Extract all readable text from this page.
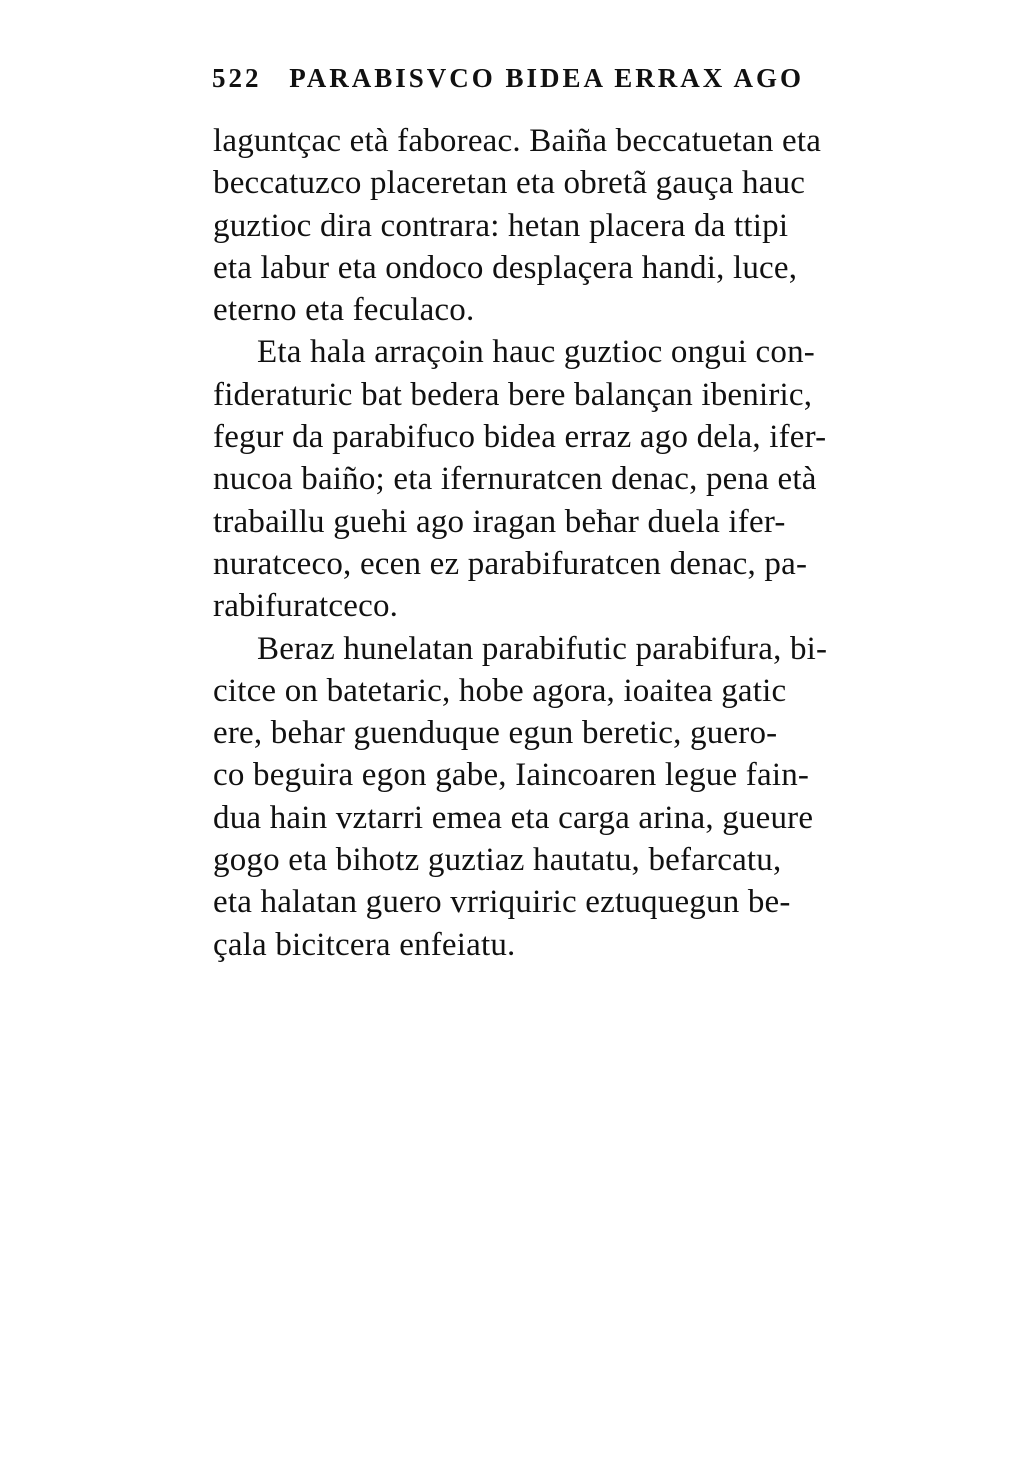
522 PARABISVCO BIDEA ERRAX AGO
laguntçac età faboreac. Baiña beccatuetan eta
beccatuzco placeretan eta obretã gauça hauc
guztioc dira contrara: hetan placera da ttipi
eta labur eta ondoco desplaçera handi, luce,
eterno eta feculaco.
Eta hala arraçoin hauc guztioc ongui con-
fideraturic bat bedera bere balançan ibeniric,
fegur da parabifuco bidea erraz ago dela, ifer-
nucoa baiño; eta ifernuratcen denac, pena età
trabaillu guehi ago iragan beħar duela ifer-
nuratceco, ecen ez parabifuratcen denac, pa-
rabifuratceco.
Beraz hunelatan parabifutic parabifura, bi-
citce on batetaric, hobe agora, ioaitea gatic
ere, behar guenduque egun beretic, guero-
co beguira egon gabe, Iaincoaren legue fain-
dua hain vztarri emea eta carga arina, gueure
gogo eta bihotz guztiaz hautatu, befarcatu,
eta halatan guero vrriquiric eztuquegun be-
çala bicitcera enfeiatu.
